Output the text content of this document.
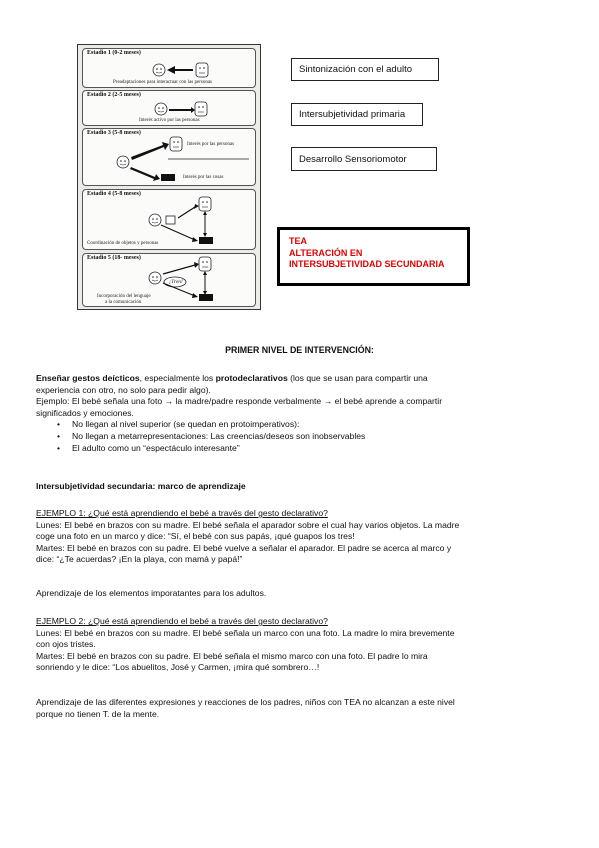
Estadio 1 (0-2 meses)
Preadaptaciones para interactuar con las personas
Estadio 2 (2-5 meses)
Interés activo por las personas
Estadio 3 (5-8 meses)
Interés por las personas
Interés por las cosas
Estadio 4 (5-8 meses)
Coordinación de objetos y personas
Estadio 5 (18- meses)
¡Tren!
Incorporación del lenguaje
a la comunicación
Sintonización con el adulto
Intersubjetividad primaria
Desarrollo Sensoriomotor
TEA
ALTERACIÓN EN
INTERSUBJETIVIDAD SECUNDARIA
PRIMER NIVEL DE INTERVENCIÓN:
Enseñar gestos deícticos, especialmente los protodeclarativos (los que se usan para compartir una
experiencia con otro, no solo para pedir algo).
Ejemplo: El bebé señala una foto → la madre/padre responde verbalmente → el bebé aprende a compartir
significados y emociones.
• No llegan al nivel superior (se quedan en protoimperativos):
• No llegan a metarrepresentaciones: Las creencias/deseos son inobservables
• El adulto como un “espectáculo interesante”
Intersubjetividad secundaria: marco de aprendizaje
EJEMPLO 1: ¿Qué está aprendiendo el bebé a través del gesto declarativo?
Lunes: El bebé en brazos con su madre. El bebé señala el aparador sobre el cual hay varios objetos. La madre
coge una foto en un marco y dice: “Sí, el bebé con sus papás, ¡qué guapos los tres!
Martes: El bebé en brazos con su padre. El bebé vuelve a señalar el aparador. El padre se acerca al marco y
dice: “¿Te acuerdas? ¡En la playa, con mamá y papá!”
Aprendizaje de los elementos imporatantes para los adultos.
EJEMPLO 2: ¿Qué está aprendiendo el bebé a través del gesto declarativo?
Lunes: El bebé en brazos con su madre. El bebé señala un marco con una foto. La madre lo mira brevemente
con ojos tristes.
Martes: El bebé en brazos con su padre. El bebé señala el mismo marco con una foto. El padre lo mira
sonriendo y le dice: “Los abuelitos, José y Carmen, ¡mira qué sombrero…!
Aprendizaje de las diferentes expresiones y reacciones de los padres, niños con TEA no alcanzan a este nivel
porque no tienen T. de la mente.
